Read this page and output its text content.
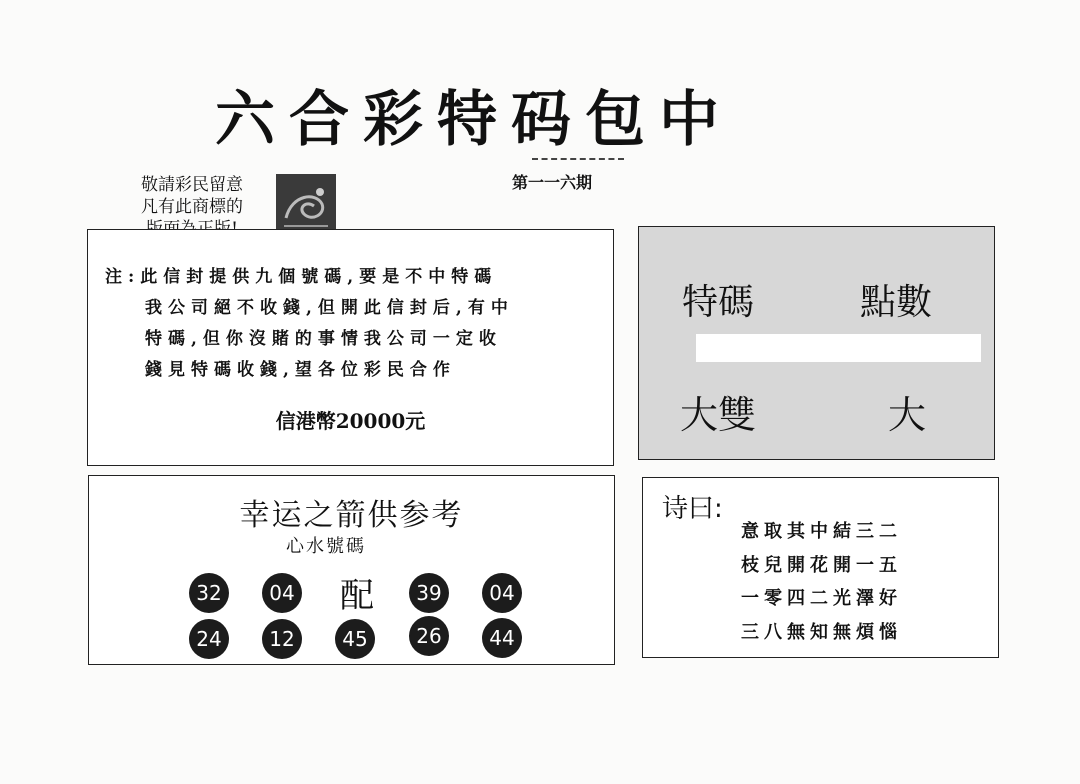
六合彩特码包中
第一一六期
敬請彩民留意
凡有此商標的
注:此信封提供九個號碼,要是不中特碼
我公司絕不收錢,但開此信封后,有中
特碼,但你沒賭的事情我公司一定收
錢見特碼收錢,望各位彩民合作
信港幣20000元
特碼	點數
大雙	大
幸运之箭供参考
心水號碼
32	04 配	39	04
24	12	45	26	44
诗曰:
意取其中結三二
枝兒開花開一五
一零四二光澤好
三八無知無煩惱
